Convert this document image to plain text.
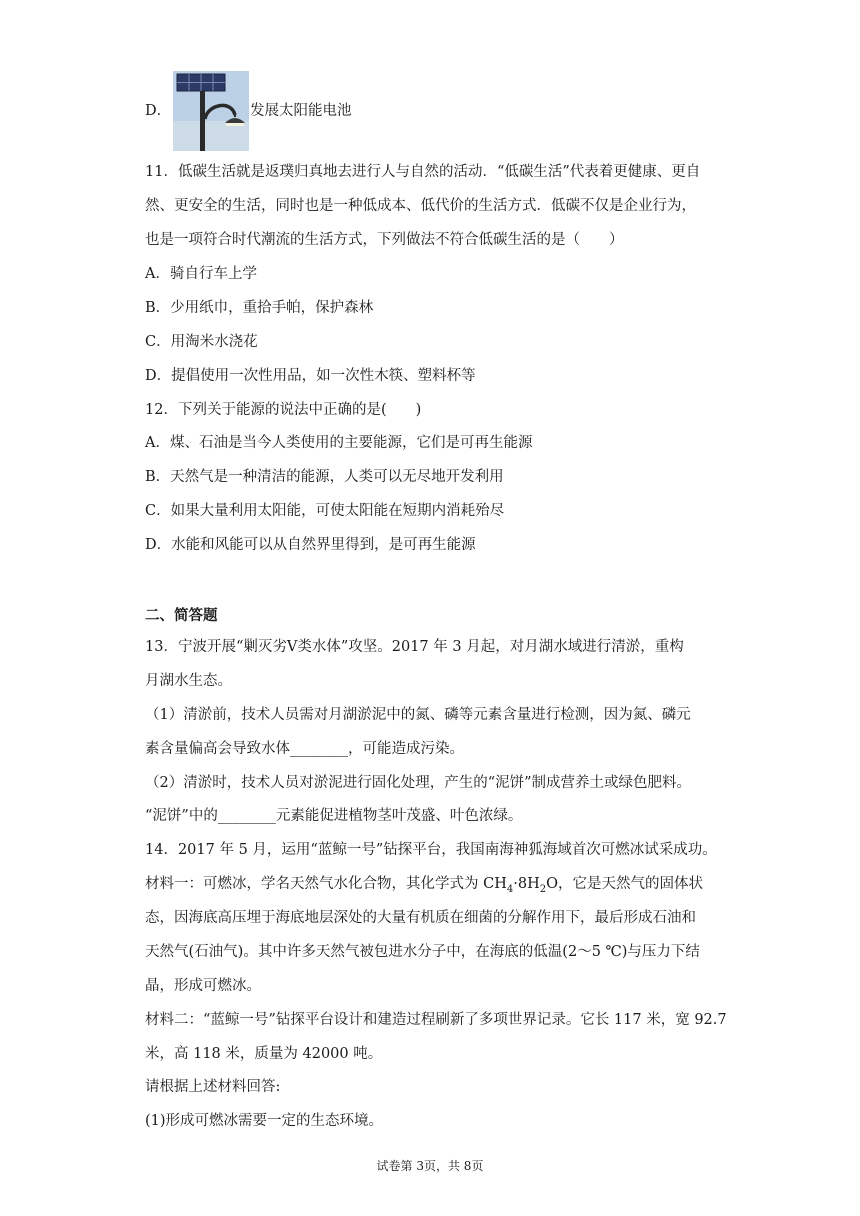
D．	发展太阳能电池
11．低碳生活就是返璞归真地去进行人与自然的活动．“低碳生活”代表着更健康、更自
然、更安全的生活，同时也是一种低成本、低代价的生活方式．低碳不仅是企业行为，
也是一项符合时代潮流的生活方式，下列做法不符合低碳生活的是（　　）
A．骑自行车上学
B．少用纸巾，重拾手帕，保护森林
C．用淘米水浇花
D．提倡使用一次性用品，如一次性木筷、塑料杯等
12．下列关于能源的说法中正确的是(　　)
A．煤、石油是当今人类使用的主要能源，它们是可再生能源
B．天然气是一种清洁的能源，人类可以无尽地开发利用
C．如果大量利用太阳能，可使太阳能在短期内消耗殆尽
D．水能和风能可以从自然界里得到，是可再生能源
二、简答题
13．宁波开展“剿灭劣Ⅴ类水体”攻坚。2017 年 3 月起，对月湖水域进行清淤，重构
月湖水生态。
（1）清淤前，技术人员需对月湖淤泥中的氮、磷等元素含量进行检测，因为氮、磷元
素含量偏高会导致水体________，可能造成污染。
（2）清淤时，技术人员对淤泥进行固化处理，产生的“泥饼”制成营养土或绿色肥料。
“泥饼”中的________元素能促进植物茎叶茂盛、叶色浓绿。
14．2017 年 5 月，运用“蓝鲸一号”钻探平台，我国南海神狐海域首次可燃冰试采成功。
材料一：可燃冰，学名天然气水化合物，其化学式为 $CH_4\cdot 8H_2O$，它是天然气的固体状
态，因海底高压埋于海底地层深处的大量有机质在细菌的分解作用下，最后形成石油和
天然气(石油气)。其中许多天然气被包进水分子中，在海底的低温(2～5 ℃)与压力下结
晶，形成可燃冰。
材料二：“蓝鲸一号”钻探平台设计和建造过程刷新了多项世界记录。它长 117 米，宽 92.7
米，高 118 米，质量为 42000 吨。
请根据上述材料回答:
(1)形成可燃冰需要一定的生态环境。
试卷第 3页，共 8页
